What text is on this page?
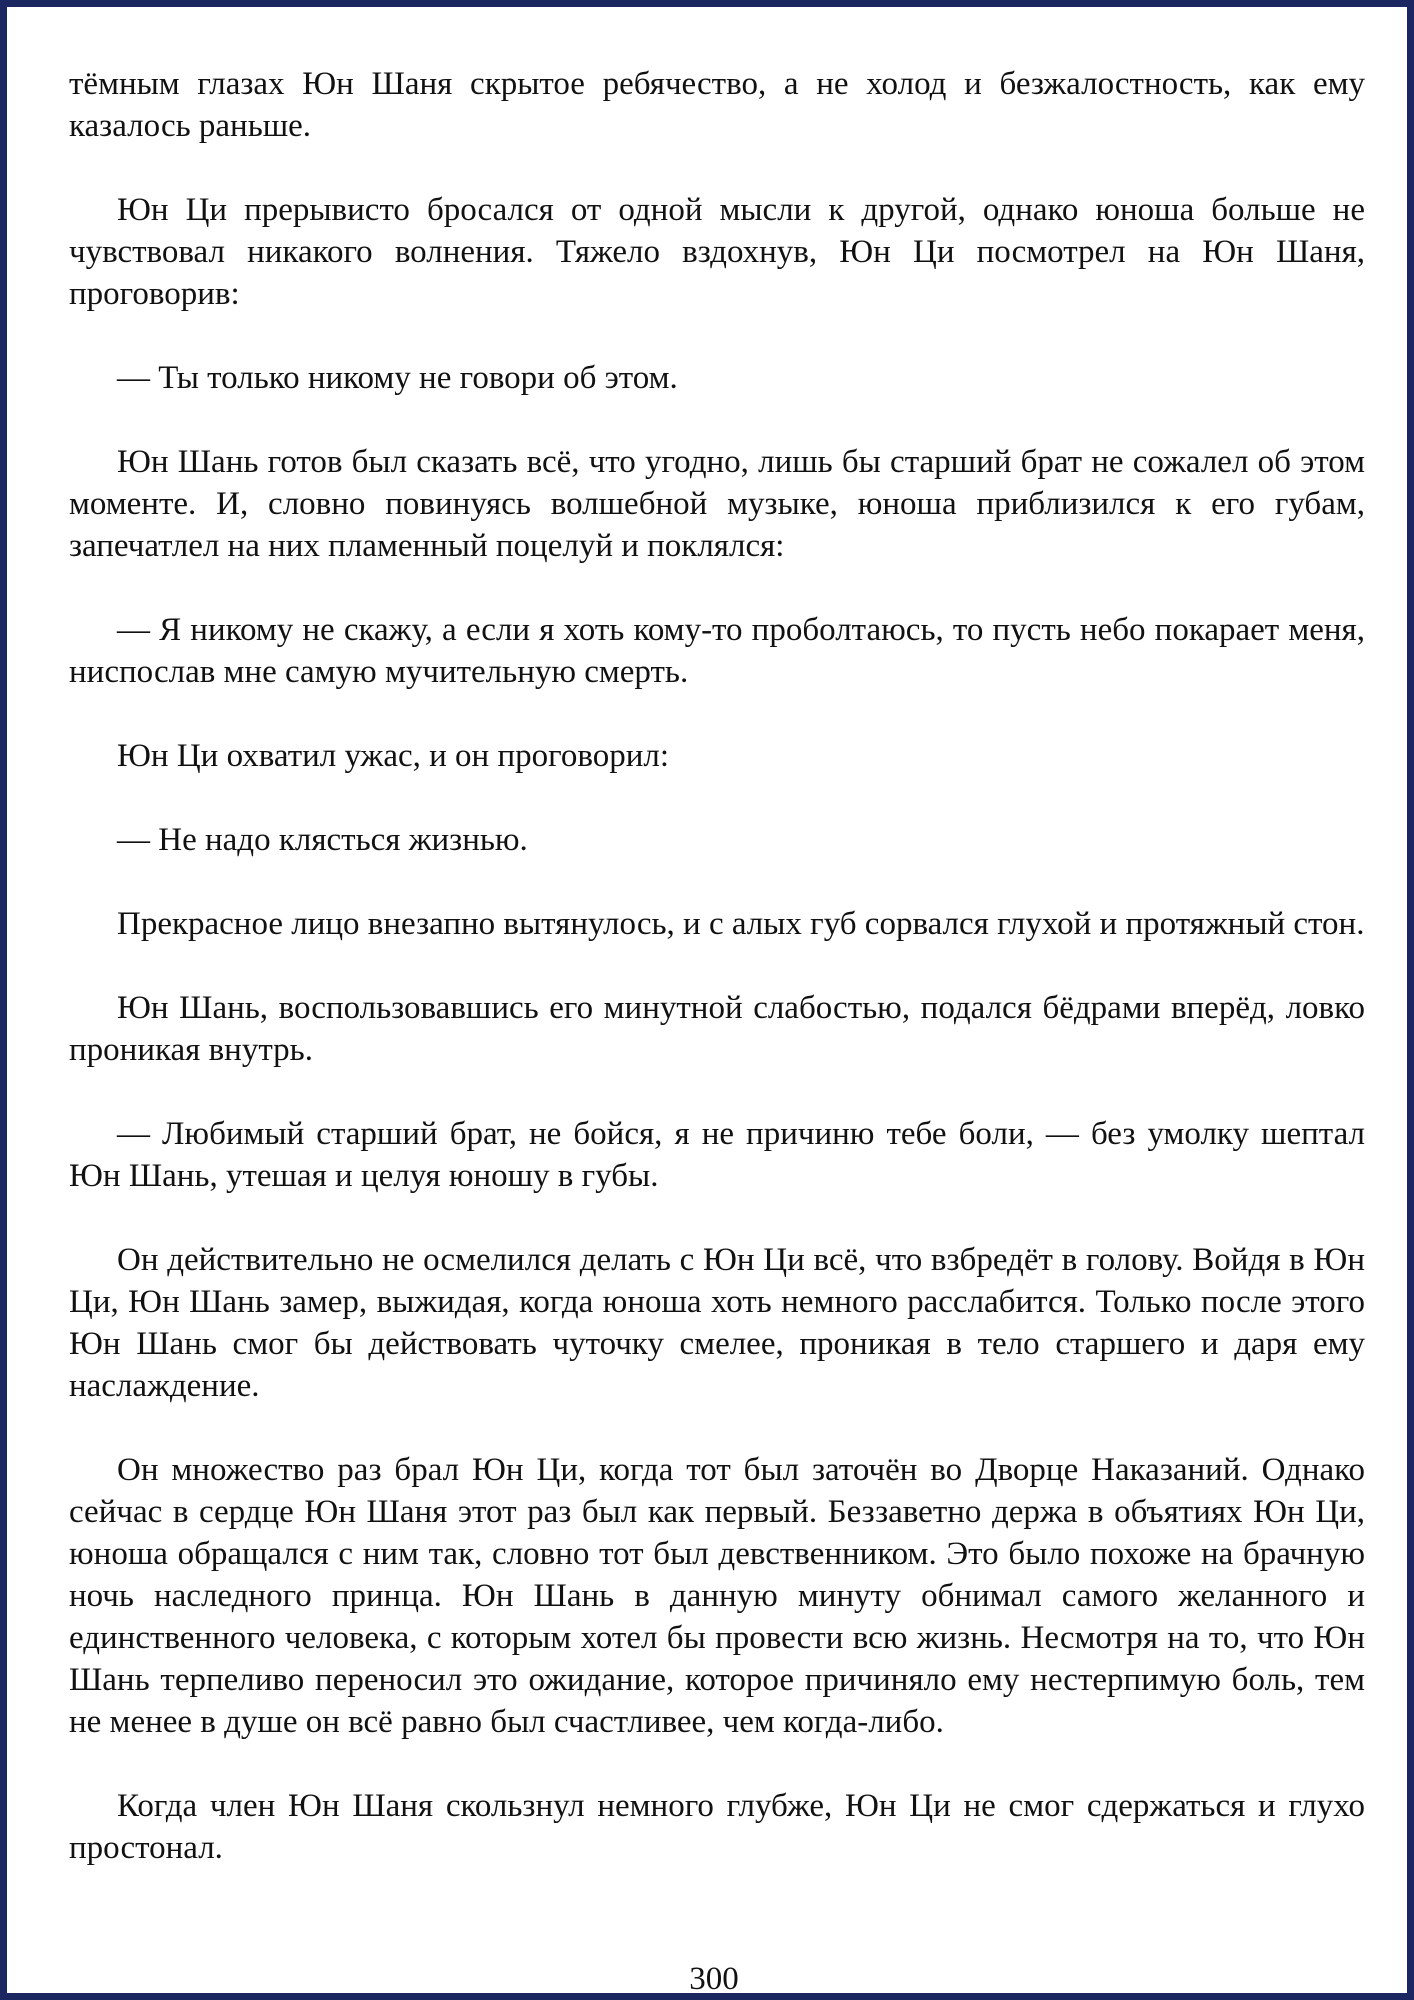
тёмным глазах Юн Шаня скрытое ребячество, а не холод и безжалостность, как ему казалось раньше.

Юн Ци прерывисто бросался от одной мысли к другой, однако юноша больше не чувствовал никакого волнения. Тяжело вздохнув, Юн Ци посмотрел на Юн Шаня, проговорив:

— Ты только никому не говори об этом.

Юн Шань готов был сказать всё, что угодно, лишь бы старший брат не сожалел об этом моменте. И, словно повинуясь волшебной музыке, юноша приблизился к его губам, запечатлел на них пламенный поцелуй и поклялся:

— Я никому не скажу, а если я хоть кому-то проболтаюсь, то пусть небо покарает меня, ниспослав мне самую мучительную смерть.

Юн Ци охватил ужас, и он проговорил:

— Не надо клясться жизнью.

Прекрасное лицо внезапно вытянулось, и с алых губ сорвался глухой и протяжный стон.

Юн Шань, воспользовавшись его минутной слабостью, подался бёдрами вперёд, ловко проникая внутрь.

— Любимый старший брат, не бойся, я не причиню тебе боли, — без умолку шептал Юн Шань, утешая и целуя юношу в губы.

Он действительно не осмелился делать с Юн Ци всё, что взбредёт в голову. Войдя в Юн Ци, Юн Шань замер, выжидая, когда юноша хоть немного расслабится. Только после этого Юн Шань смог бы действовать чуточку смелее, проникая в тело старшего и даря ему наслаждение.

Он множество раз брал Юн Ци, когда тот был заточён во Дворце Наказаний. Однако сейчас в сердце Юн Шаня этот раз был как первый. Беззаветно держа в объятиях Юн Ци, юноша обращался с ним так, словно тот был девственником. Это было похоже на брачную ночь наследного принца. Юн Шань в данную минуту обнимал самого желанного и единственного человека, с которым хотел бы провести всю жизнь. Несмотря на то, что Юн Шань терпеливо переносил это ожидание, которое причиняло ему нестерпимую боль, тем не менее в душе он всё равно был счастливее, чем когда-либо.

Когда член Юн Шаня скользнул немного глубже, Юн Ци не смог сдержаться и глухо простонал.

300
